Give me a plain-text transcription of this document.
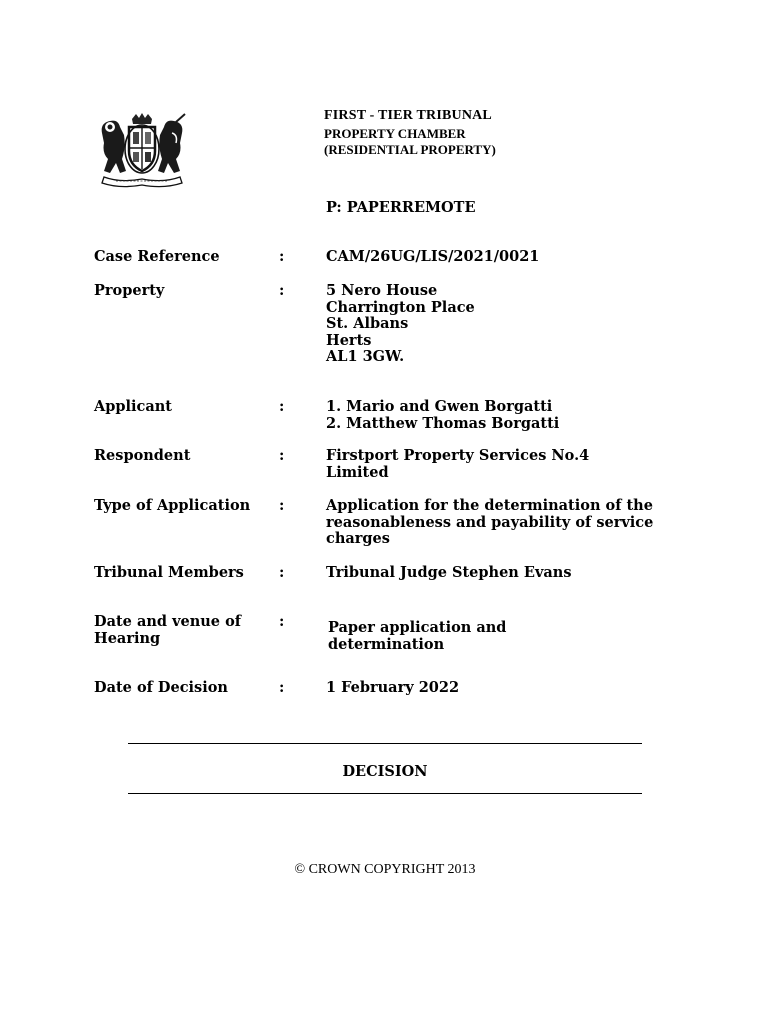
FIRST - TIER TRIBUNAL
PROPERTY CHAMBER
(RESIDENTIAL PROPERTY)
P: PAPERREMOTE
Case Reference	:	CAM/26UG/LIS/2021/0021
Property	:	5 Nero House
Charrington Place
St. Albans
Herts
AL1 3GW.
Applicant	:	1. Mario and Gwen Borgatti
2. Matthew Thomas Borgatti
Respondent	:	Firstport Property Services No.4
Limited
Type of Application :	Application for the determination of the
reasonableness and payability of service
charges
Tribunal Members :	Tribunal Judge Stephen Evans
Date and venue of
Hearing
:	Paper application and
determination
Date of Decision	:	1 February 2022
DECISION
© CROWN COPYRIGHT 2013
